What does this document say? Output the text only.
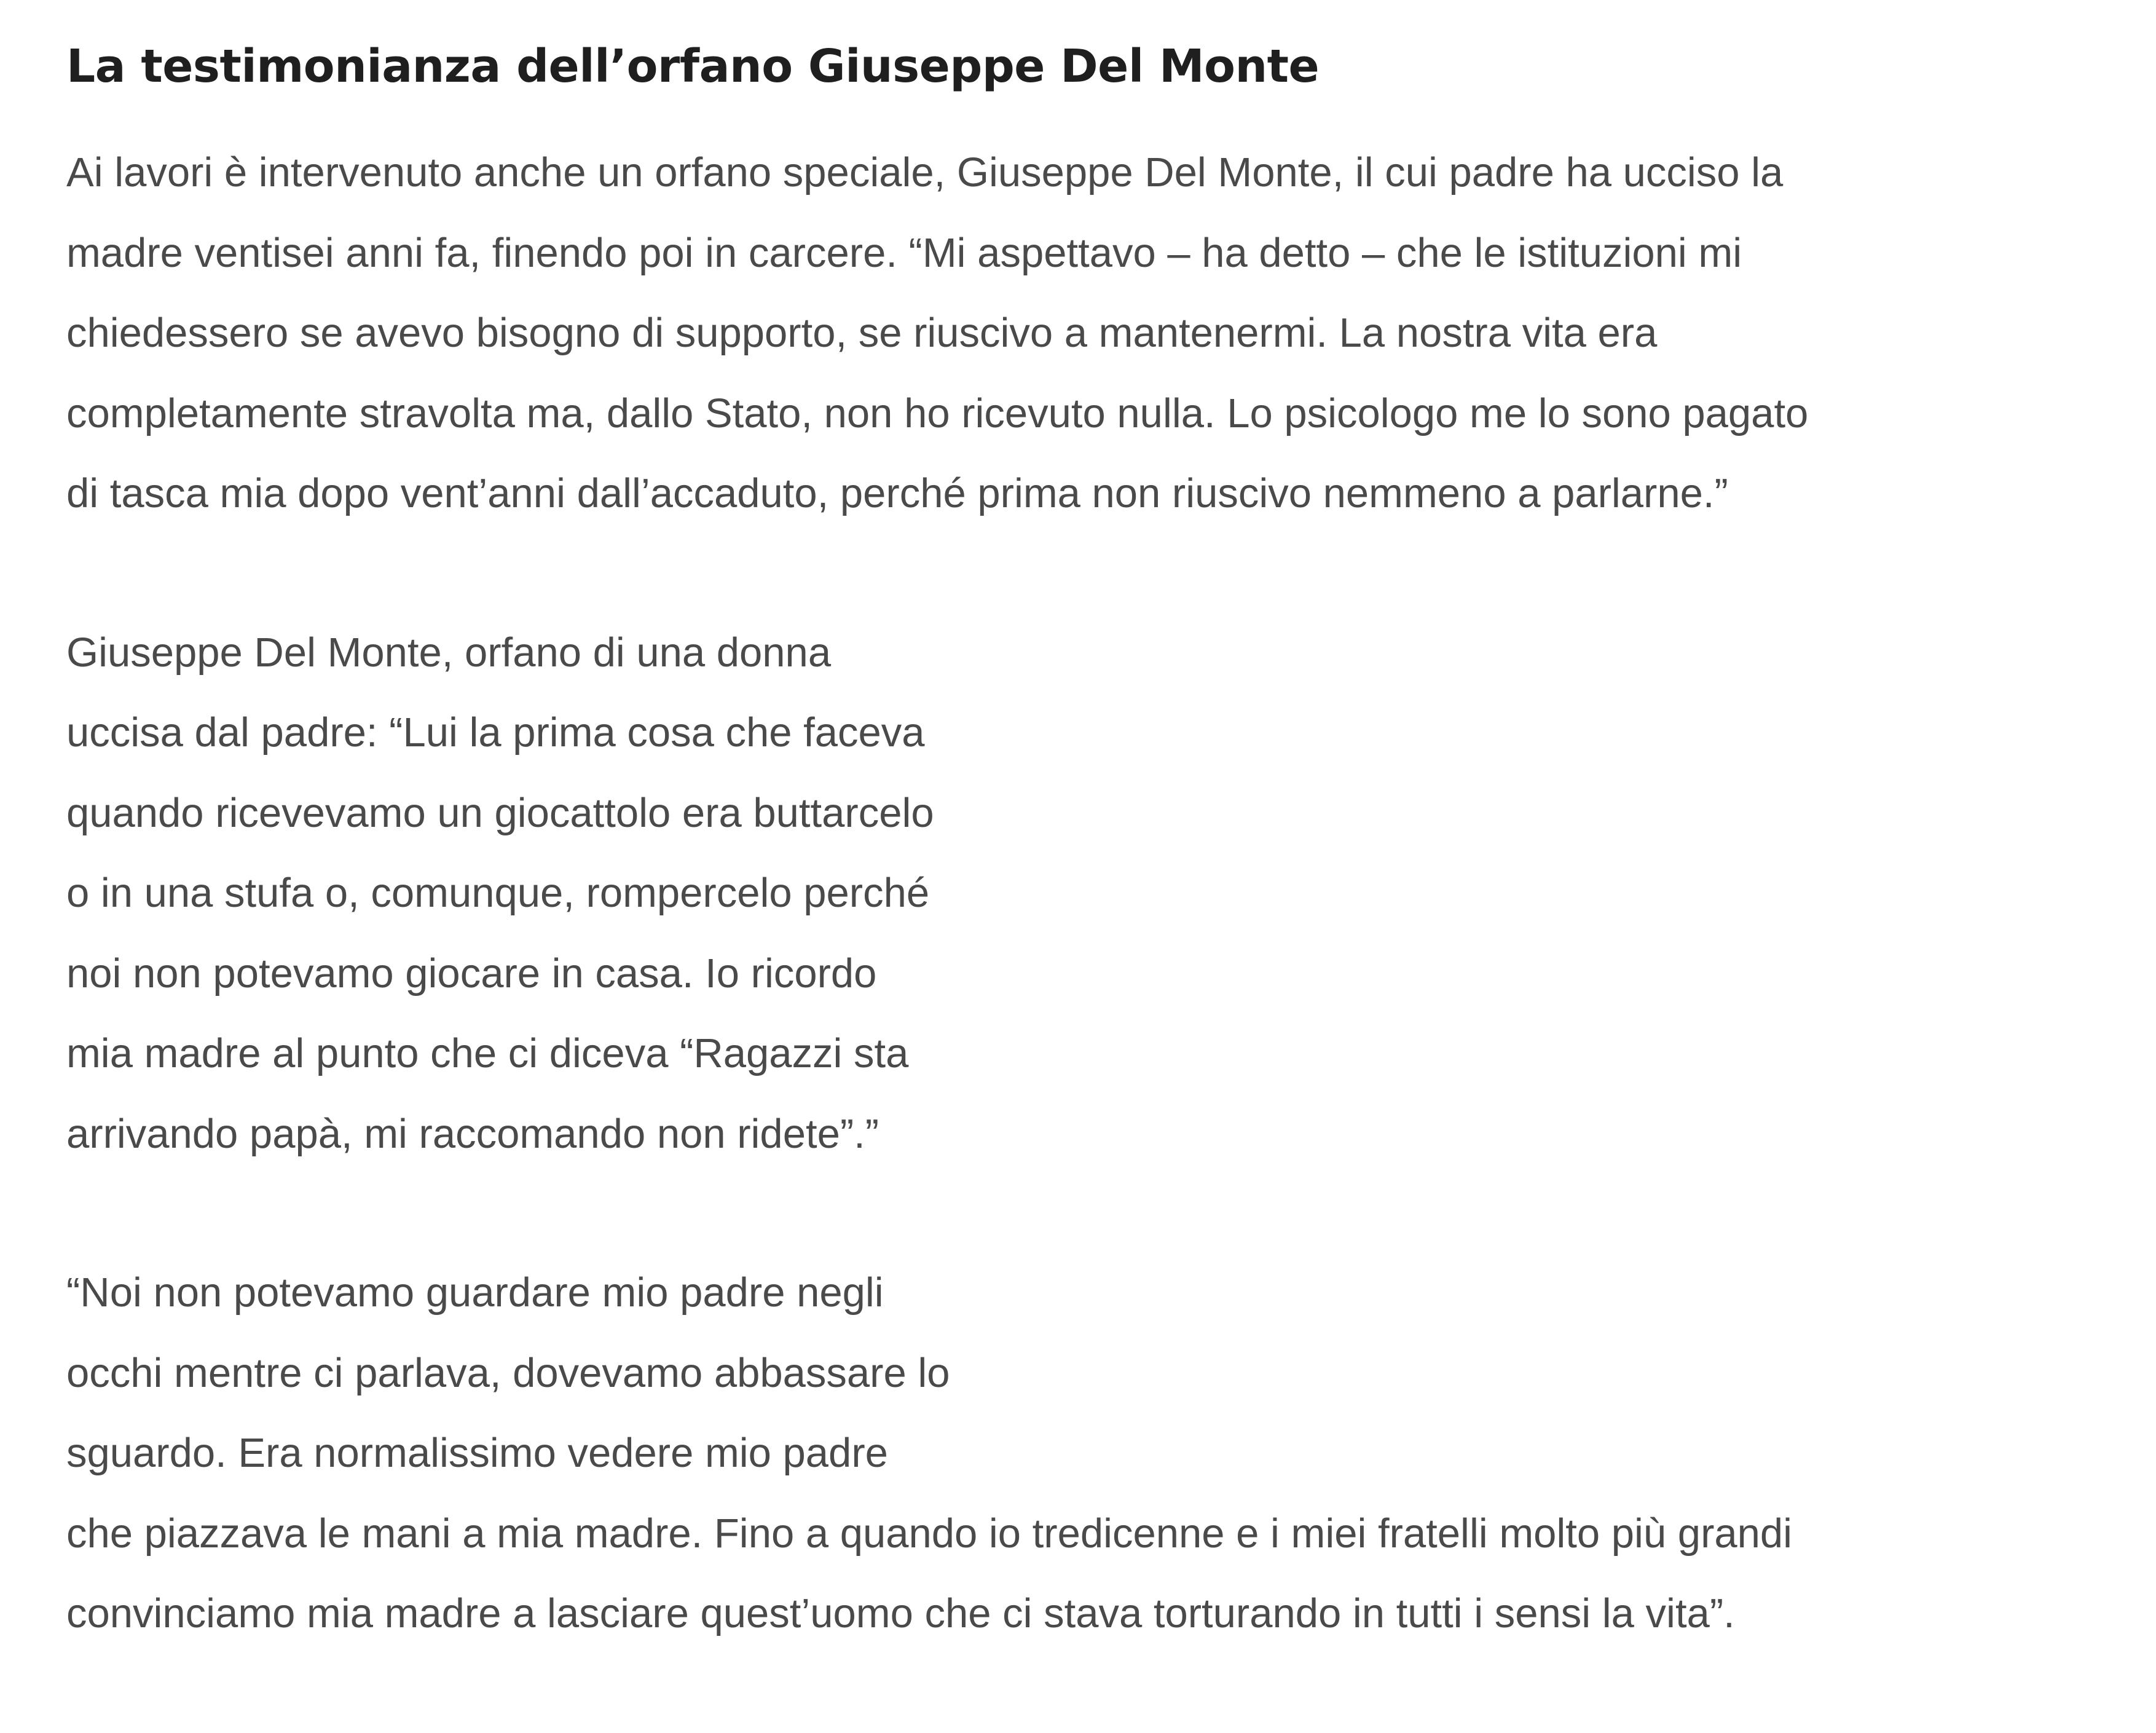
La testimonianza dell’orfano Giuseppe Del Monte

Ai lavori è intervenuto anche un orfano speciale, Giuseppe Del Monte, il cui padre ha ucciso la
madre ventisei anni fa, finendo poi in carcere. “Mi aspettavo – ha detto – che le istituzioni mi
chiedessero se avevo bisogno di supporto, se riuscivo a mantenermi. La nostra vita era
completamente stravolta ma, dallo Stato, non ho ricevuto nulla. Lo psicologo me lo sono pagato
di tasca mia dopo vent’anni dall’accaduto, perché prima non riuscivo nemmeno a parlarne.”

Giuseppe Del Monte, orfano di una donna
uccisa dal padre: “Lui la prima cosa che faceva
quando ricevevamo un giocattolo era buttarcelo
o in una stufa o, comunque, rompercelo perché
noi non potevamo giocare in casa. Io ricordo
mia madre al punto che ci diceva “Ragazzi sta
arrivando papà, mi raccomando non ridete”.”

“Noi non potevamo guardare mio padre negli
occhi mentre ci parlava, dovevamo abbassare lo
sguardo. Era normalissimo vedere mio padre
che piazzava le mani a mia madre. Fino a quando io tredicenne e i miei fratelli molto più grandi
convinciamo mia madre a lasciare quest’uomo che ci stava torturando in tutti i sensi la vita”.
